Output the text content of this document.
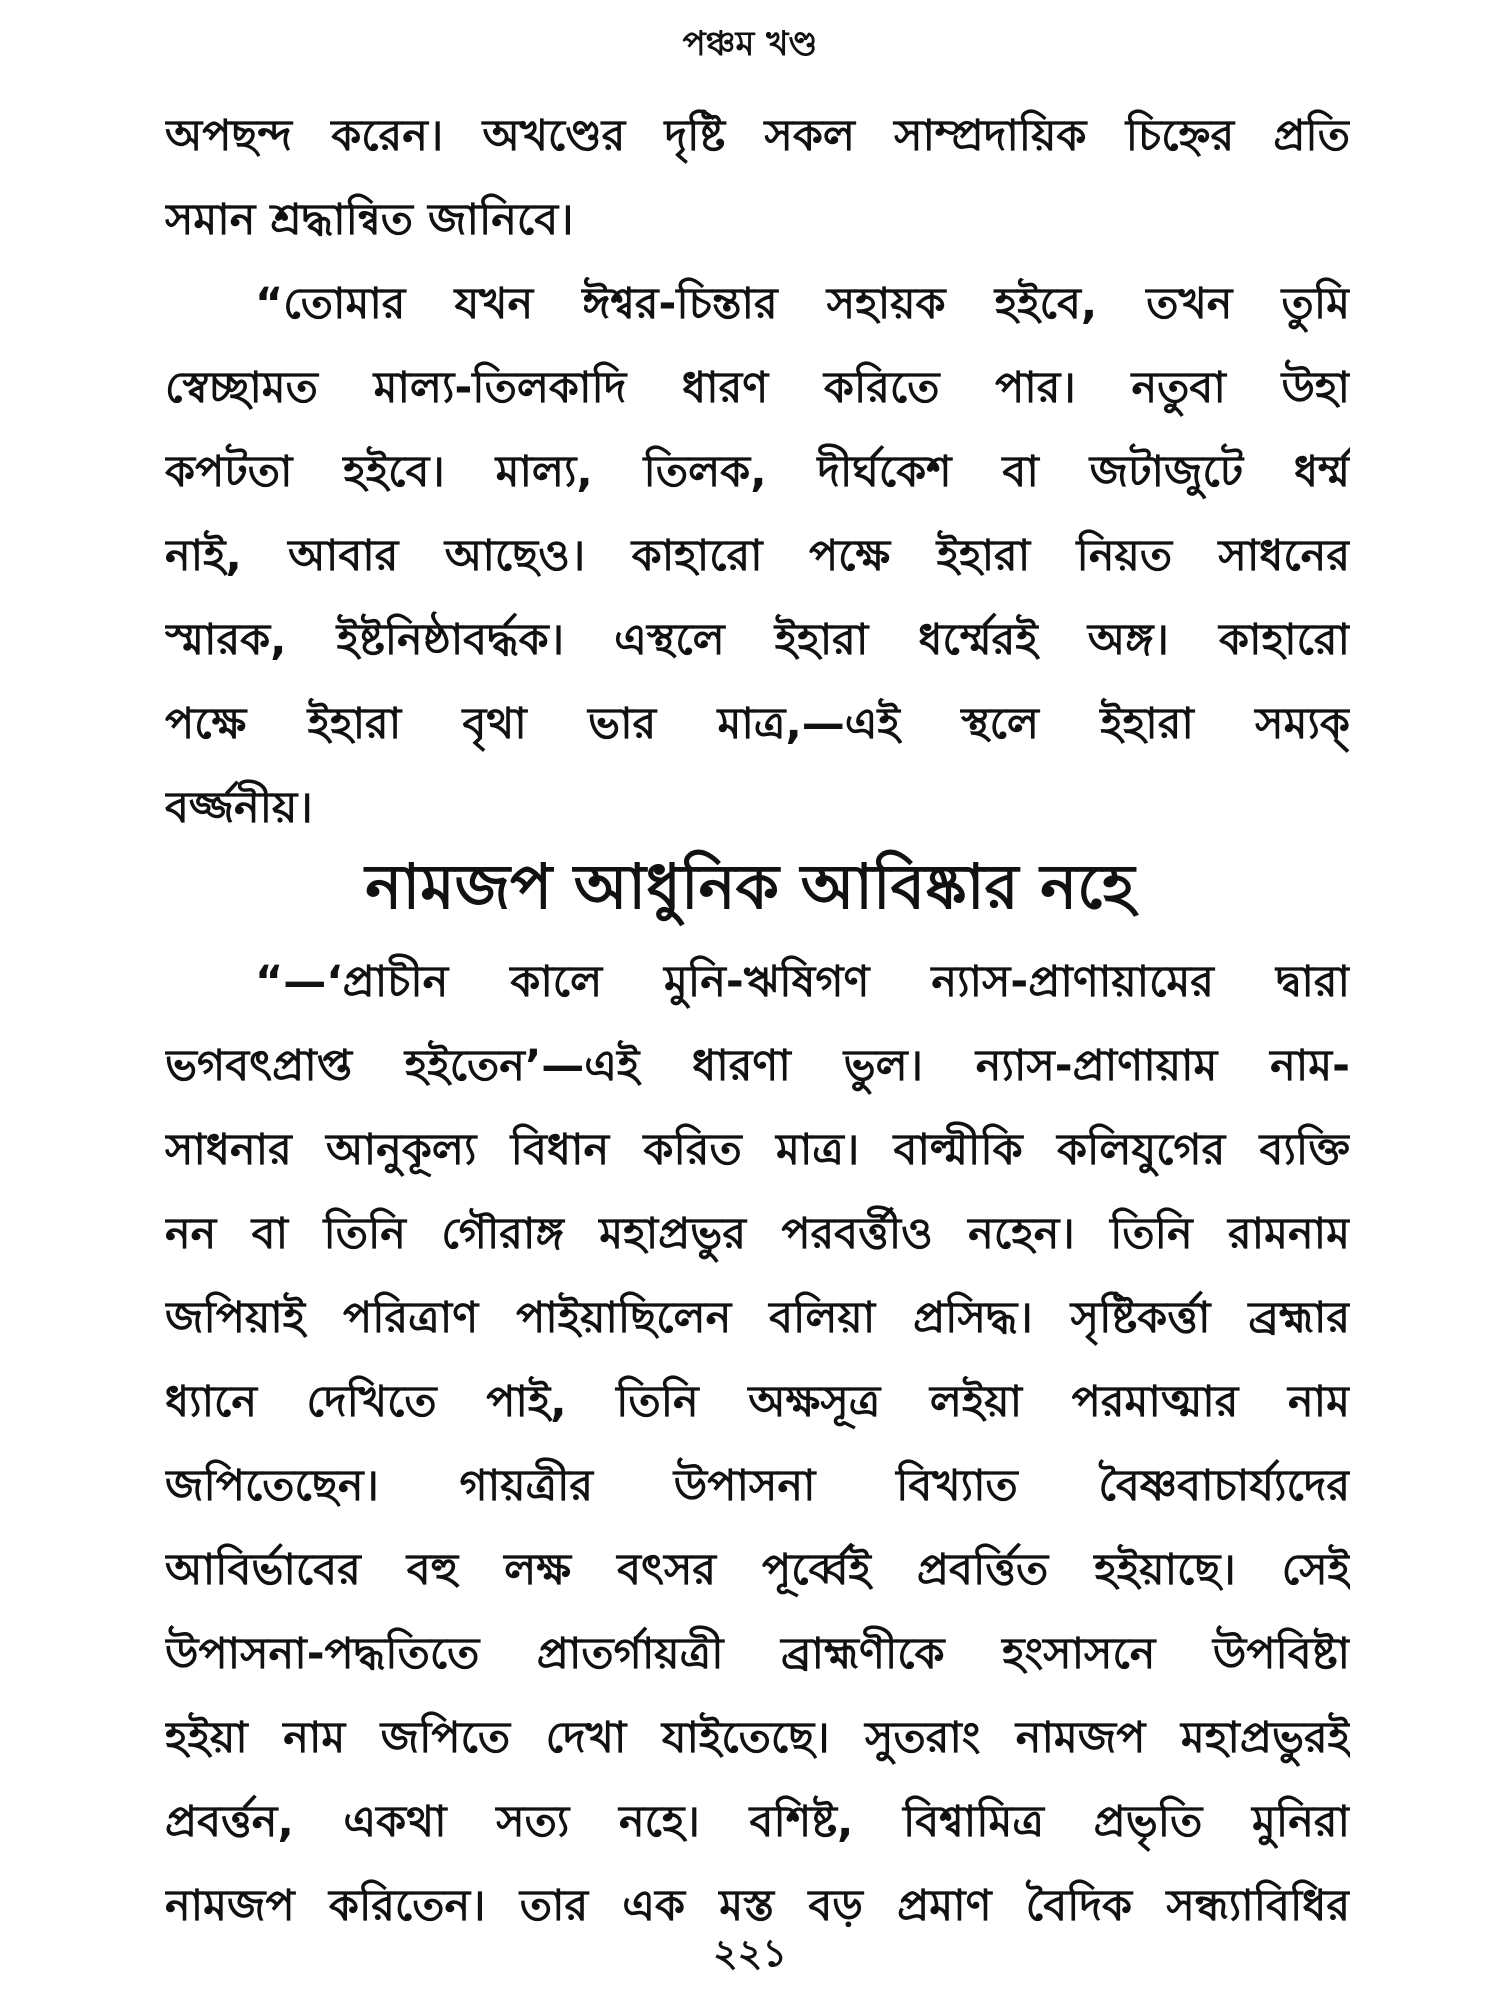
পঞ্চম খণ্ড
অপছন্দ করেন। অখণ্ডের দৃষ্টি সকল সাম্প্রদায়িক চিহ্নের প্রতি
সমান শ্রদ্ধান্বিত জানিবে।
“তোমার যখন ঈশ্বর-চিন্তার সহায়ক হইবে, তখন তুমি
স্বেচ্ছামত মাল্য-তিলকাদি ধারণ করিতে পার। নতুবা উহা
কপটতা হইবে। মাল্য, তিলক, দীর্ঘকেশ বা জটাজুটে ধর্ম্ম
নাই, আবার আছেও। কাহারো পক্ষে ইহারা নিয়ত সাধনের
স্মারক, ইষ্টনিষ্ঠাবর্দ্ধক। এস্থলে ইহারা ধর্ম্মেরই অঙ্গ। কাহারো
পক্ষে ইহারা বৃথা ভার মাত্র,—এই স্থলে ইহারা সম্যক্
বর্জ্জনীয়।
নামজপ আধুনিক আবিষ্কার নহে
“—‘প্রাচীন কালে মুনি-ঋষিগণ ন্যাস-প্রাণায়ামের দ্বারা
ভগবৎপ্রাপ্ত হইতেন’—এই ধারণা ভুল। ন্যাস-প্রাণায়াম নাম-
সাধনার আনুকূল্য বিধান করিত মাত্র। বাল্মীকি কলিযুগের ব্যক্তি
নন বা তিনি গৌরাঙ্গ মহাপ্রভুর পরবর্ত্তীও নহেন। তিনি রামনাম
জপিয়াই পরিত্রাণ পাইয়াছিলেন বলিয়া প্রসিদ্ধ। সৃষ্টিকর্ত্তা ব্রহ্মার
ধ্যানে দেখিতে পাই, তিনি অক্ষসূত্র লইয়া পরমাত্মার নাম
জপিতেছেন। গায়ত্রীর উপাসনা বিখ্যাত বৈষ্ণবাচার্য্যদের
আবির্ভাবের বহু লক্ষ বৎসর পূর্ব্বেই প্রবর্ত্তিত হইয়াছে। সেই
উপাসনা-পদ্ধতিতে প্রাতর্গায়ত্রী ব্রাহ্মণীকে হংসাসনে উপবিষ্টা
হইয়া নাম জপিতে দেখা যাইতেছে। সুতরাং নামজপ মহাপ্রভুরই
প্রবর্ত্তন, একথা সত্য নহে। বশিষ্ট, বিশ্বামিত্র প্রভৃতি মুনিরা
নামজপ করিতেন। তার এক মস্ত বড় প্রমাণ বৈদিক সন্ধ্যাবিধির
২২১
